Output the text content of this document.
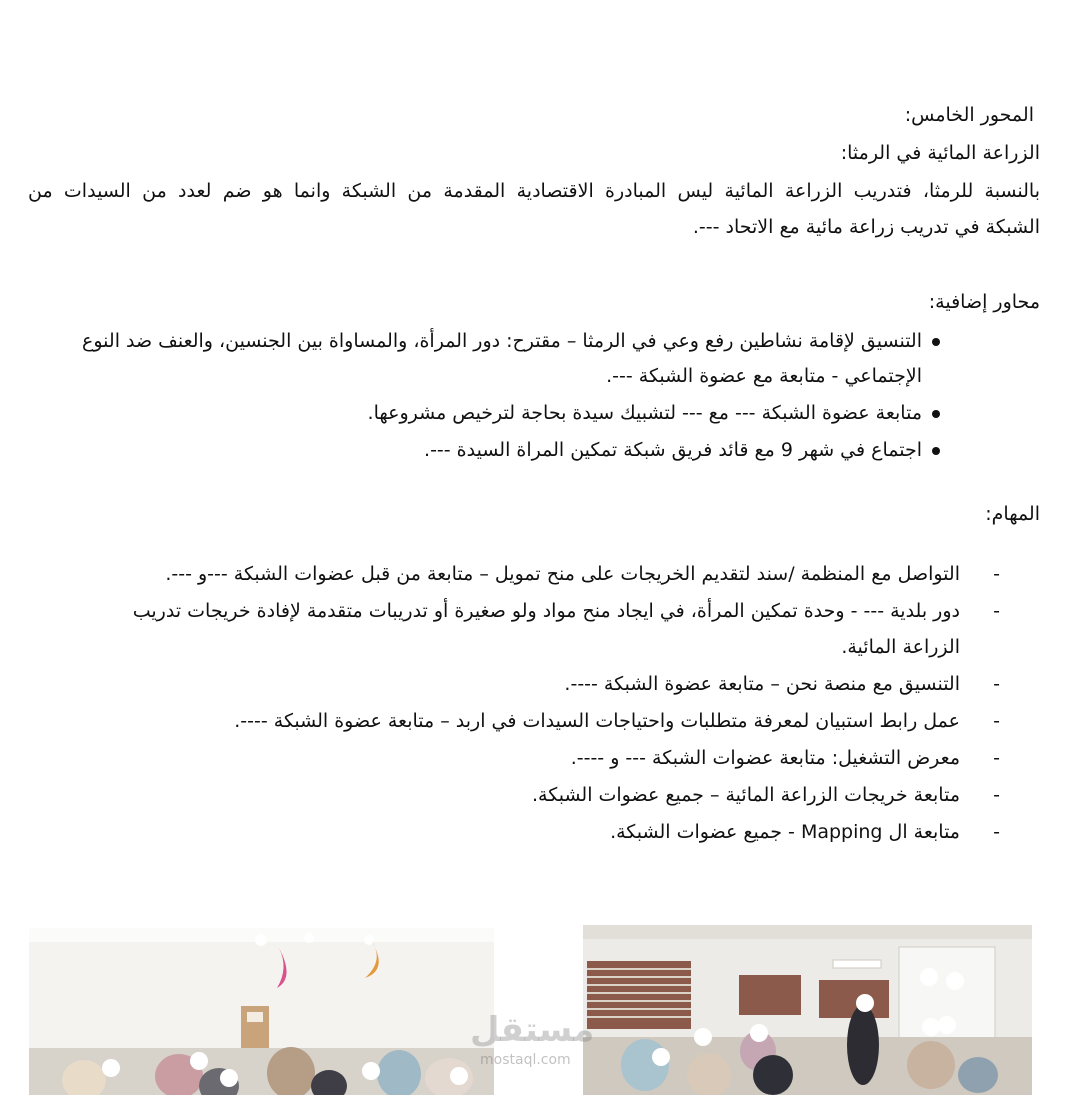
المحور الخامس:
الزراعة المائية في الرمثا:
بالنسبة للرمثا، فتدريب الزراعة المائية ليس المبادرة الاقتصادية المقدمة من الشبكة وانما هو ضم لعدد من السيدات من
الشبكة في تدريب زراعة مائية مع الاتحاد ---.
محاور إضافية:
التنسيق لإقامة نشاطين رفع وعي في الرمثا – مقترح: دور المرأة، والمساواة بين الجنسين، والعنف ضد النوع
الإجتماعي - متابعة مع عضوة الشبكة ---.
متابعة عضوة الشبكة --- مع --- لتشبيك سيدة بحاجة لترخيص مشروعها.
اجتماع في شهر 9 مع قائد فريق شبكة تمكين المراة السيدة ---.
المهام:
-
التواصل مع المنظمة /سند لتقديم الخريجات على منح تمويل – متابعة من قبل عضوات الشبكة ---و ---.
-
دور بلدية --- - وحدة تمكين المرأة، في ايجاد منح مواد ولو صغيرة أو تدريبات متقدمة لإفادة خريجات تدريب
الزراعة المائية.
-
التنسيق مع منصة نحن – متابعة عضوة الشبكة ----.
-
عمل رابط استبيان لمعرفة متطلبات واحتياجات السيدات في اربد – متابعة عضوة الشبكة ----.
-
معرض التشغيل: متابعة عضوات الشبكة --- و ----.
-
متابعة خريجات الزراعة المائية – جميع عضوات الشبكة.
-
متابعة ال Mapping - جميع عضوات الشبكة.
مستقل
mostaql.com
